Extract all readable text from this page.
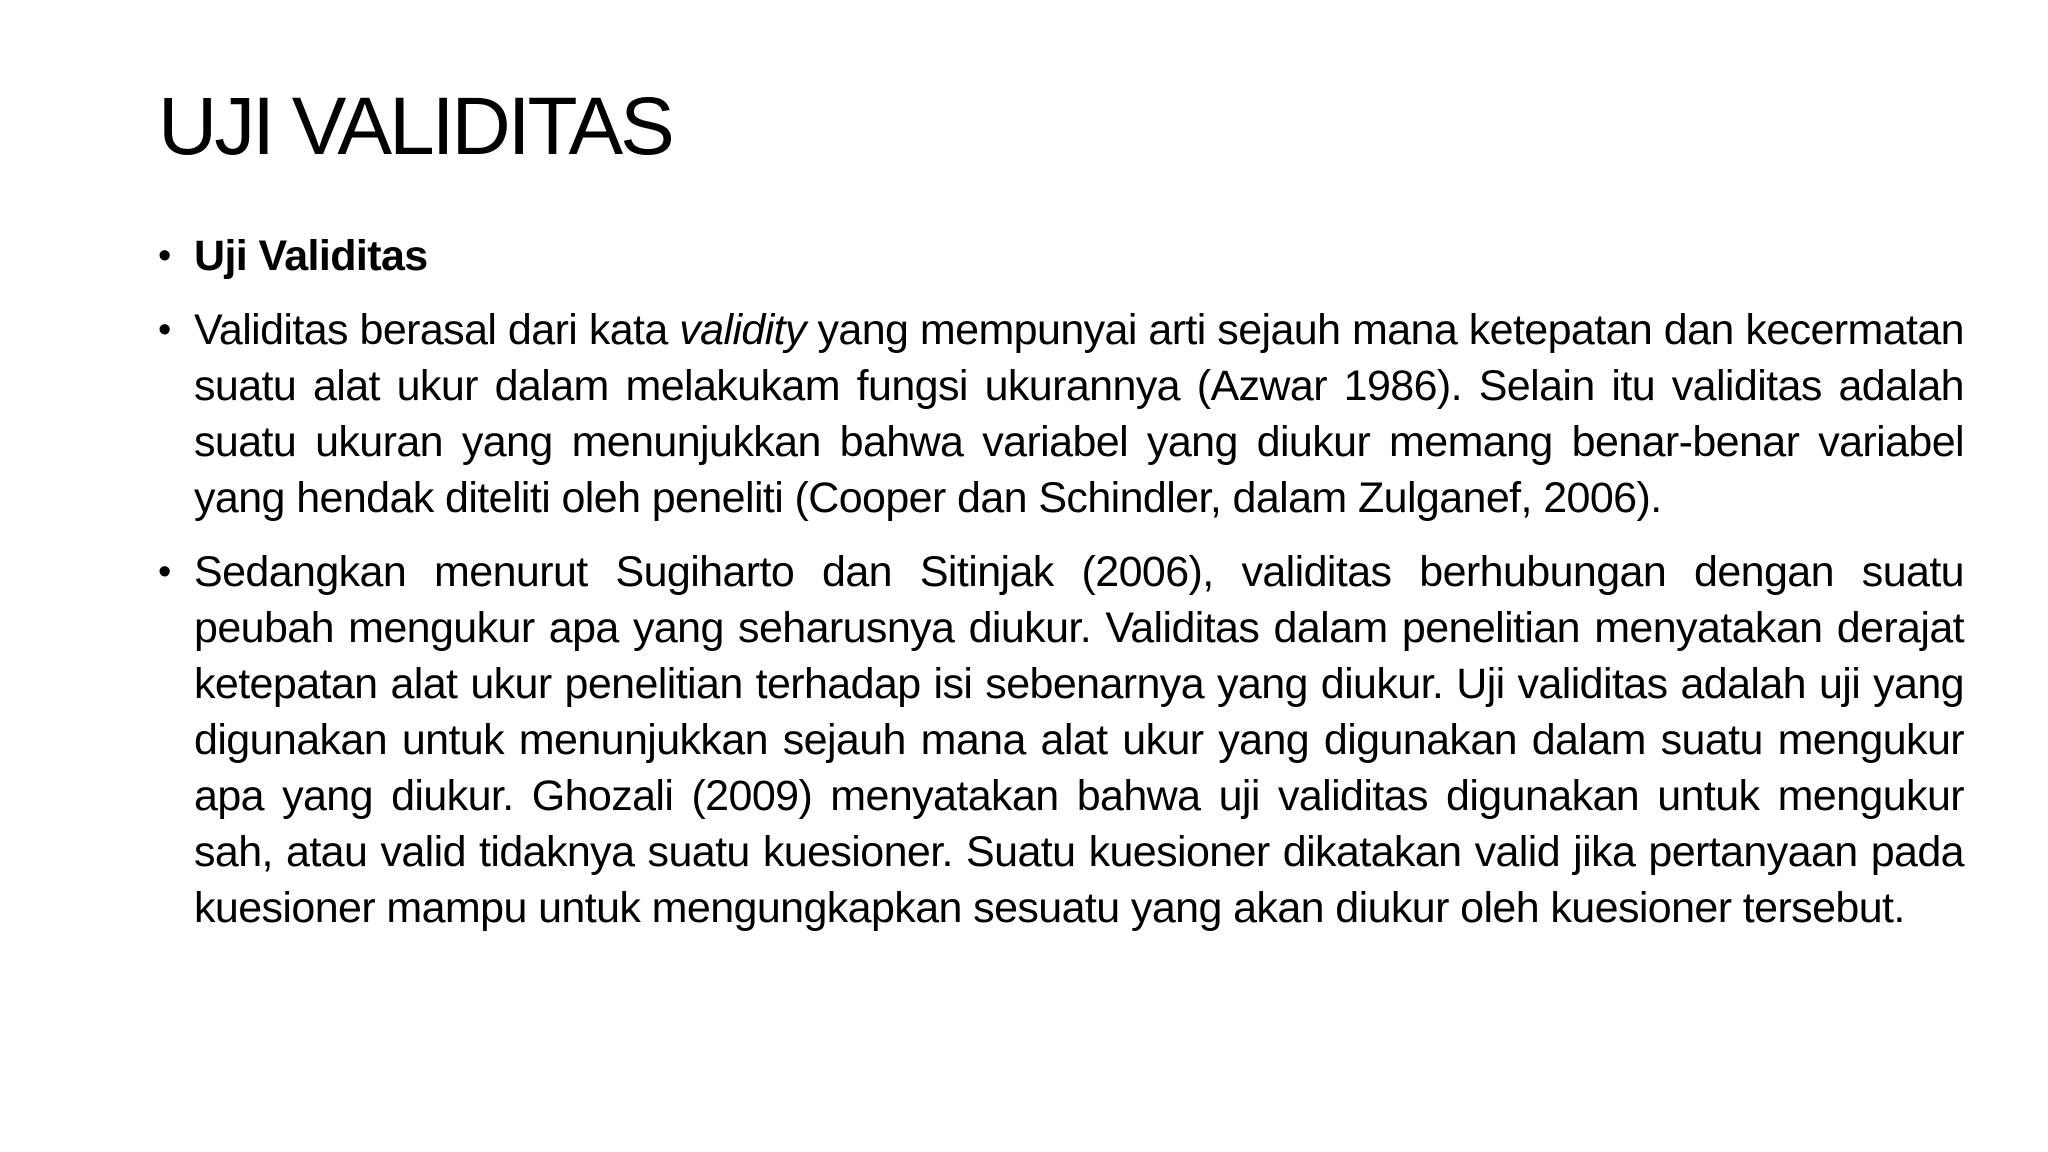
UJI VALIDITAS
• Uji Validitas
• Validitas berasal dari kata validity yang mempunyai arti sejauh mana ketepatan dan kecermatan suatu alat ukur dalam melakukam fungsi ukurannya (Azwar 1986). Selain itu validitas adalah suatu ukuran yang menunjukkan bahwa variabel yang diukur memang benar-benar variabel yang hendak diteliti oleh peneliti (Cooper dan Schindler, dalam Zulganef, 2006).
• Sedangkan menurut Sugiharto dan Sitinjak (2006), validitas berhubungan dengan suatu peubah mengukur apa yang seharusnya diukur. Validitas dalam penelitian menyatakan derajat ketepatan alat ukur penelitian terhadap isi sebenarnya yang diukur. Uji validitas adalah uji yang digunakan untuk menunjukkan sejauh mana alat ukur yang digunakan dalam suatu mengukur apa yang diukur. Ghozali (2009) menyatakan bahwa uji validitas digunakan untuk mengukur sah, atau valid tidaknya suatu kuesioner. Suatu kuesioner dikatakan valid jika pertanyaan pada kuesioner mampu untuk mengungkapkan sesuatu yang akan diukur oleh kuesioner tersebut.
